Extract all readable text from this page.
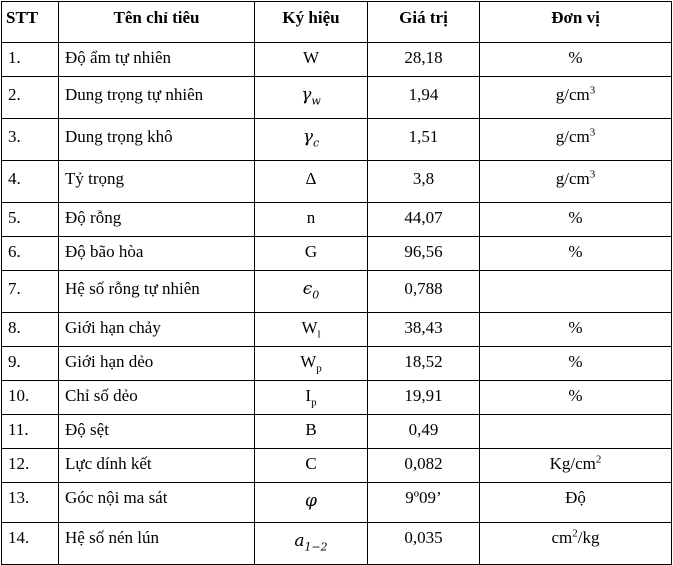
STT	Tên chỉ tiêu	Ký hiệu	Giá trị	Đơn vị
1.	Độ ẩm tự nhiên	W	28,18	%
2.	Dung trọng tự nhiên	$\gamma_w$	1,94	$g/cm^3$
3.	Dung trọng khô	$\gamma_c$	1,51	$g/cm^3$
4.	Tỷ trọng	Δ	3,8	$g/cm^3$
5.	Độ rỗng	n	44,07	%
6.	Độ bão hòa	G	96,56	%
7.	Hệ số rỗng tự nhiên	$\epsilon_0$	0,788	
8.	Giới hạn chảy	$W_l$	38,43	%
9.	Giới hạn dẻo	$W_p$	18,52	%
10.	Chỉ số dẻo	$I_p$	19,91	%
11.	Độ sệt	B	0,49	
12.	Lực dính kết	C	0,082	$Kg/cm^2$
13.	Góc nội ma sát	φ	9º09’	Độ
14.	Hệ số nén lún	$a_{1-2}$	0,035	$cm^2/kg$
